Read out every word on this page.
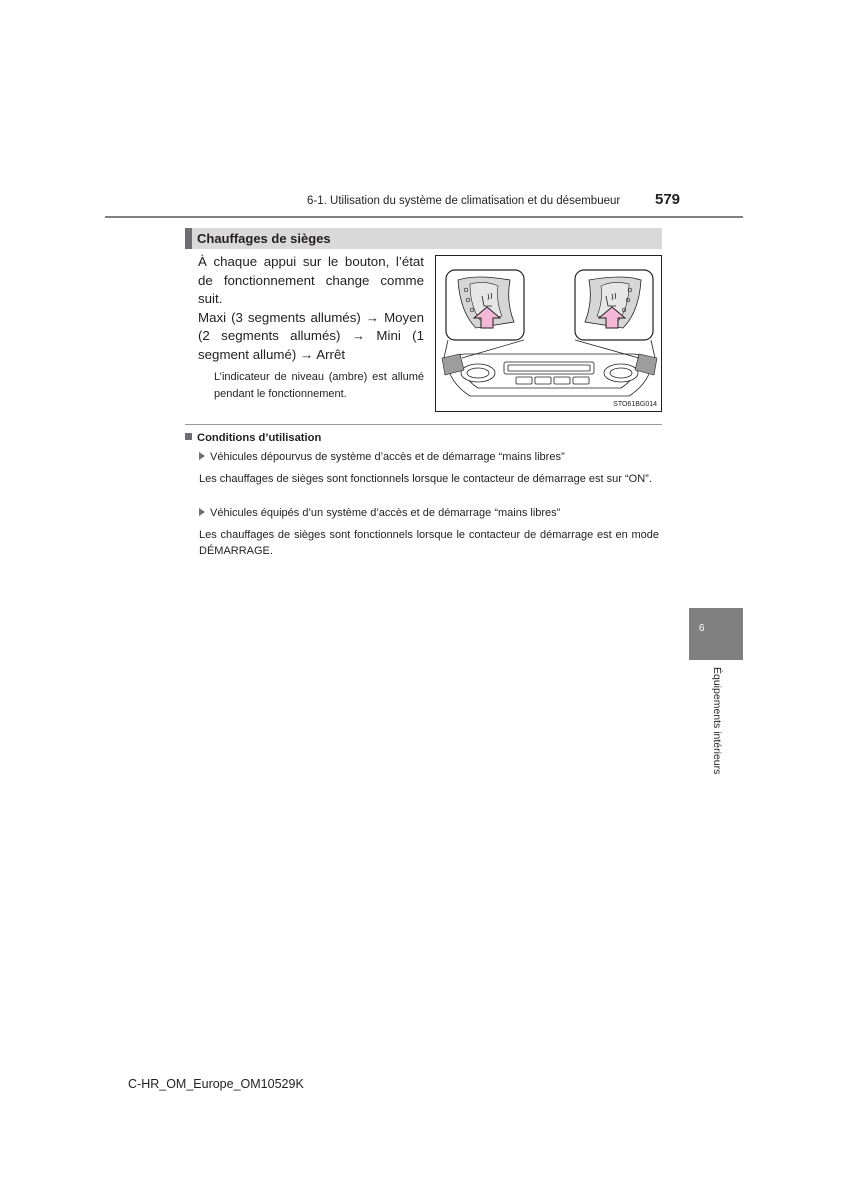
6-1. Utilisation du système de climatisation et du désembueur 579
Chauffages de sièges

À chaque appui sur le bouton, l’état de fonctionnement change comme suit.

Maxi (3 segments allumés) → Moyen (2 segments allumés) → Mini (1 segment allumé) → Arrêt

L’indicateur de niveau (ambre) est allumé pendant le fonctionnement.
STO61BG014
Conditions d’utilisation
Véhicules dépourvus de système d’accès et de démarrage “mains libres”
Les chauffages de sièges sont fonctionnels lorsque le contacteur de démarrage est sur “ON”.
Véhicules équipés d’un système d’accès et de démarrage “mains libres”
Les chauffages de sièges sont fonctionnels lorsque le contacteur de démarrage est en mode DÉMARRAGE.
6
Équipements intérieurs
C-HR_OM_Europe_OM10529K
